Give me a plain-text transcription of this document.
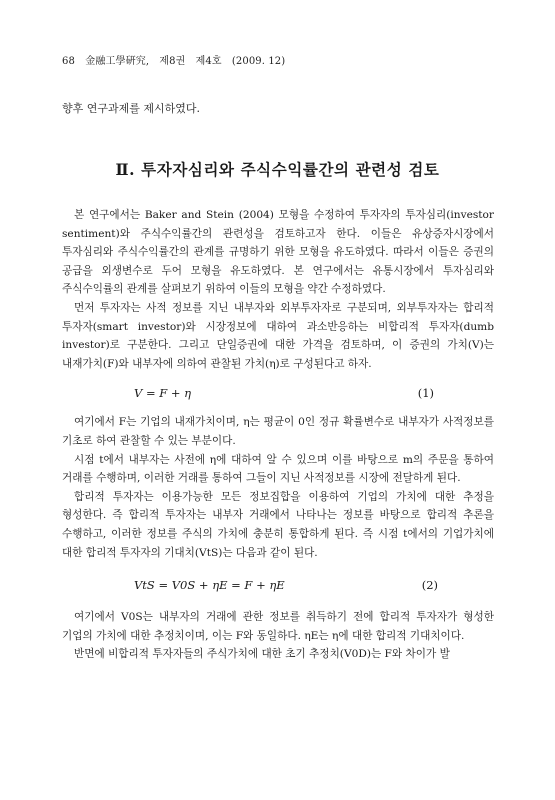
68 金融工學硏究, 제8권 제4호 (2009. 12)
향후 연구과제를 제시하였다.
Ⅱ. 투자자심리와 주식수익률간의 관련성 검토

본 연구에서는 Baker and Stein (2004) 모형을 수정하여 투자자의 투자심리(investor sentiment)와 주식수익률간의 관련성을 검토하고자 한다. 이들은 유상증자시장에서 투자심리와 주식수익률간의 관계를 규명하기 위한 모형을 유도하였다. 따라서 이들은 증권의 공급을 외생변수로 두어 모형을 유도하였다. 본 연구에서는 유통시장에서 투자심리와 주식수익률의 관계를 살펴보기 위하여 이들의 모형을 약간 수정하였다.

먼저 투자자는 사적 정보를 지닌 내부자와 외부투자자로 구분되며, 외부투자자는 합리적 투자자(smart investor)와 시장정보에 대하여 과소반응하는 비합리적 투자자(dumb investor)로 구분한다. 그리고 단일증권에 대한 가격을 검토하며, 이 증권의 가치(V)는 내재가치(F)와 내부자에 의하여 관찰된 가치(η)로 구성된다고 하자.

V = F + η	(1)

여기에서 F는 기업의 내재가치이며, η는 평균이 0인 정규 확률변수로 내부자가 사적정보를 기초로 하여 관찰할 수 있는 부분이다.

시점 t에서 내부자는 사전에 η에 대하여 알 수 있으며 이를 바탕으로 m의 주문을 통하여 거래를 수행하며, 이러한 거래를 통하여 그들이 지닌 사적정보를 시장에 전달하게 된다.

합리적 투자자는 이용가능한 모든 정보집합을 이용하여 기업의 가치에 대한 추정을 형성한다. 즉 합리적 투자자는 내부자 거래에서 나타나는 정보를 바탕으로 합리적 추론을 수행하고, 이러한 정보를 주식의 가치에 충분히 통합하게 된다. 즉 시점 t에서의 기업가치에 대한 합리적 투자자의 기대치(VtS)는 다음과 같이 된다.

VtS = V0S + ηE = F + ηE	(2)

여기에서 V0S는 내부자의 거래에 관한 정보를 취득하기 전에 합리적 투자자가 형성한 기업의 가치에 대한 추정치이며, 이는 F와 동일하다. ηE는 η에 대한 합리적 기대치이다.

반면에 비합리적 투자자들의 주식가치에 대한 초기 추정치(V0D)는 F와 차이가 발
